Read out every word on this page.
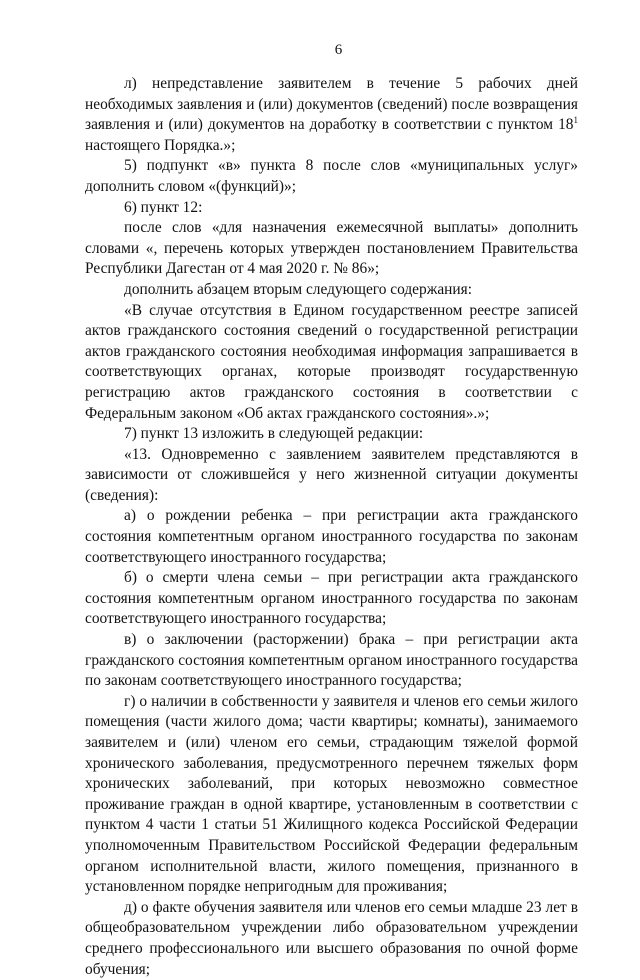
6

л) непредставление заявителем в течение 5 рабочих дней необходимых заявления и (или) документов (сведений) после возвращения заявления и (или) документов на доработку в соответствии с пунктом $18^1$ настоящего Порядка.»;

5) подпункт «в» пункта 8 после слов «муниципальных услуг» дополнить словом «(функций)»;

6) пункт 12:

после слов «для назначения ежемесячной выплаты» дополнить словами «, перечень которых утвержден постановлением Правительства Республики Дагестан от 4 мая 2020 г. № 86»;

дополнить абзацем вторым следующего содержания:

«В случае отсутствия в Едином государственном реестре записей актов гражданского состояния сведений о государственной регистрации актов гражданского состояния необходимая информация запрашивается в соответствующих органах, которые производят государственную регистрацию актов гражданского состояния в соответствии с Федеральным законом «Об актах гражданского состояния».»;

7) пункт 13 изложить в следующей редакции:

«13. Одновременно с заявлением заявителем представляются в зависимости от сложившейся у него жизненной ситуации документы (сведения):

а) о рождении ребенка – при регистрации акта гражданского состояния компетентным органом иностранного государства по законам соответствующего иностранного государства;

б) о смерти члена семьи – при регистрации акта гражданского состояния компетентным органом иностранного государства по законам соответствующего иностранного государства;

в) о заключении (расторжении) брака – при регистрации акта гражданского состояния компетентным органом иностранного государства по законам соответствующего иностранного государства;

г) о наличии в собственности у заявителя и членов его семьи жилого помещения (части жилого дома; части квартиры; комнаты), занимаемого заявителем и (или) членом его семьи, страдающим тяжелой формой хронического заболевания, предусмотренного перечнем тяжелых форм хронических заболеваний, при которых невозможно совместное проживание граждан в одной квартире, установленным в соответствии с пунктом 4 части 1 статьи 51 Жилищного кодекса Российской Федерации уполномоченным Правительством Российской Федерации федеральным органом исполнительной власти, жилого помещения, признанного в установленном порядке непригодным для проживания;

д) о факте обучения заявителя или членов его семьи младше 23 лет в общеобразовательном учреждении либо образовательном учреждении среднего профессионального или высшего образования по очной форме обучения;
